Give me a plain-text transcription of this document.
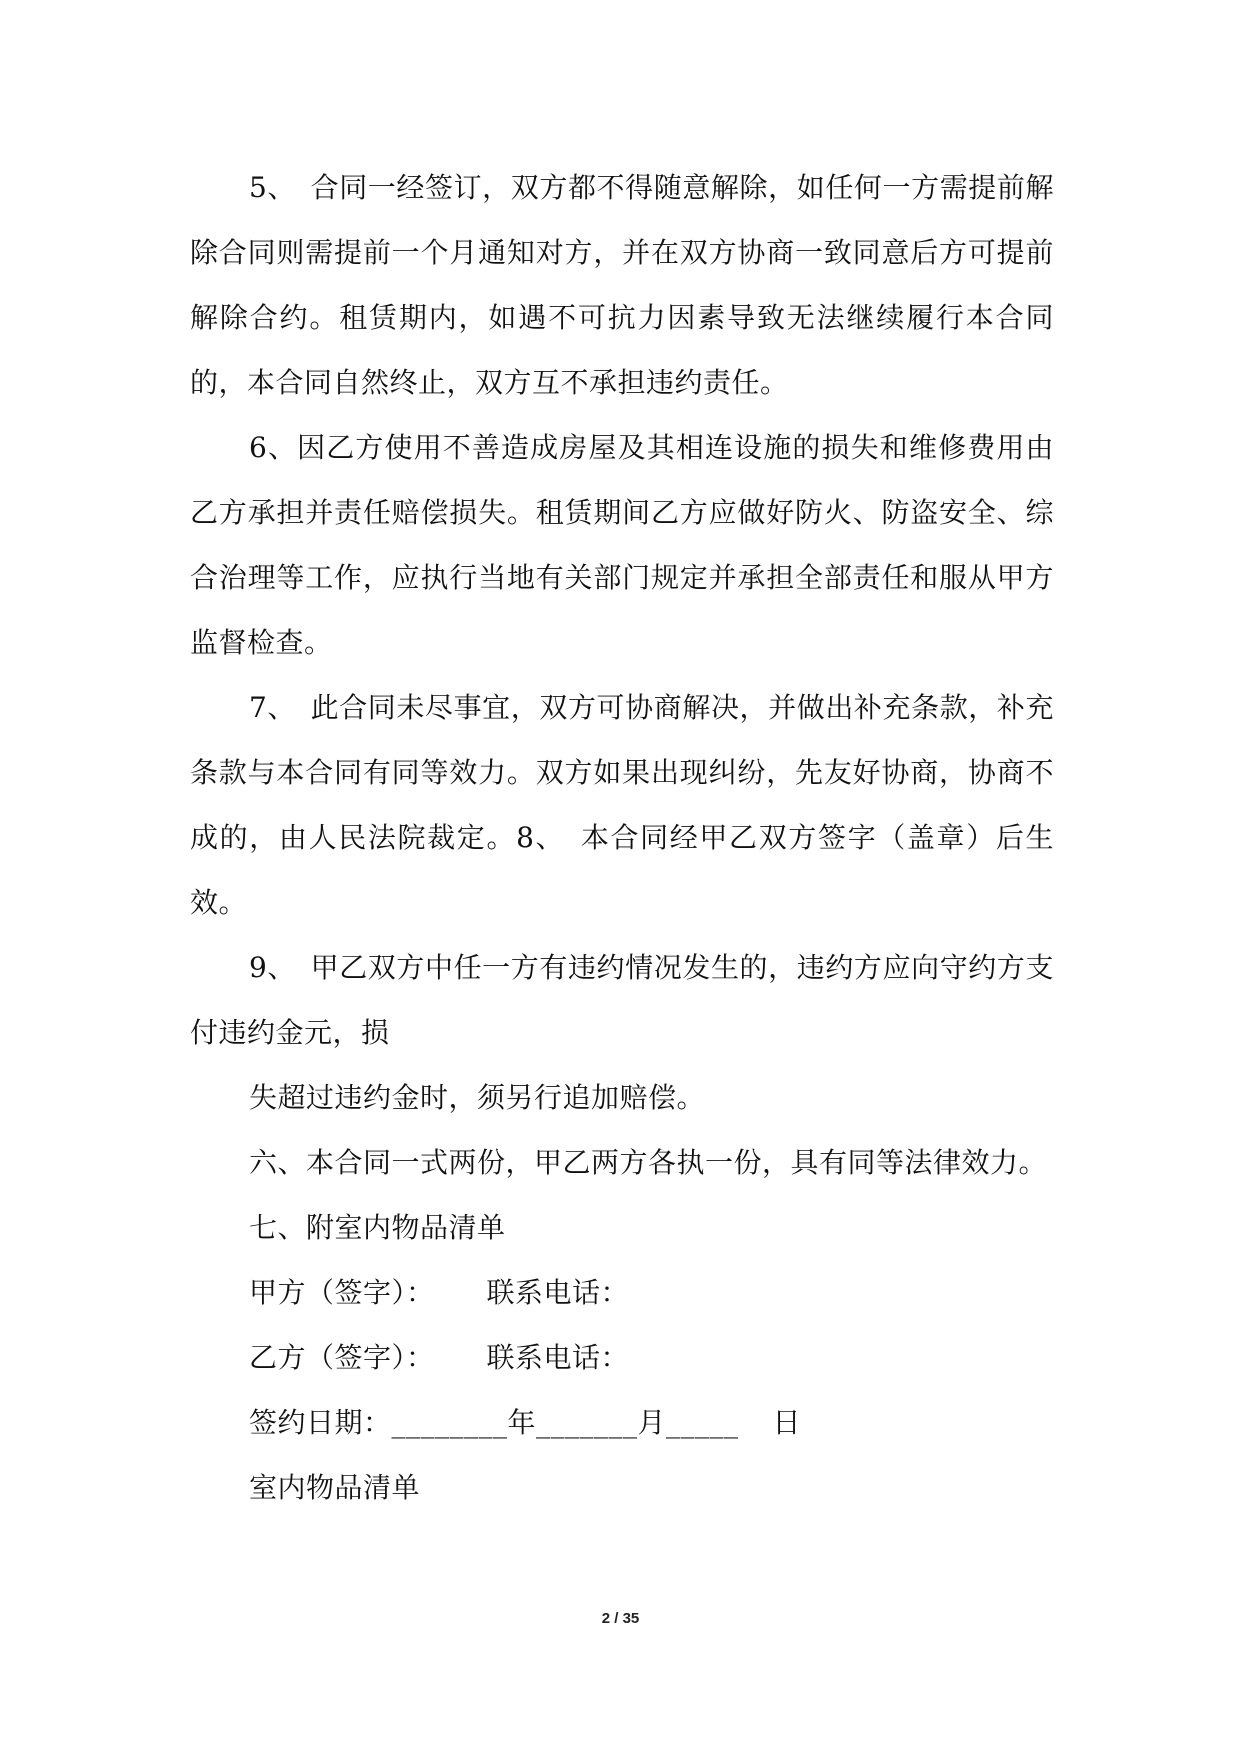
5、　合同一经签订，双方都不得随意解除，如任何一方需提前解除合同则需提前一个月通知对方，并在双方协商一致同意后方可提前解除合约。租赁期内，如遇不可抗力因素导致无法继续履行本合同的，本合同自然终止，双方互不承担违约责任。

6、因乙方使用不善造成房屋及其相连设施的损失和维修费用由乙方承担并责任赔偿损失。租赁期间乙方应做好防火、防盗安全、综合治理等工作，应执行当地有关部门规定并承担全部责任和服从甲方监督检查。

7、　此合同未尽事宜，双方可协商解决，并做出补充条款，补充条款与本合同有同等效力。双方如果出现纠纷，先友好协商，协商不成的，由人民法院裁定。8、　本合同经甲乙双方签字（盖章）后生效。

9、　甲乙双方中任一方有违约情况发生的，违约方应向守约方支付违约金元，损

失超过违约金时，须另行追加赔偿。

六、本合同一式两份，甲乙两方各执一份，具有同等法律效力。

七、附室内物品清单

甲方（签字）： 联系电话：
乙方（签字）： 联系电话：
签约日期：________年_______月_____ 日
室内物品清单
2 / 35
